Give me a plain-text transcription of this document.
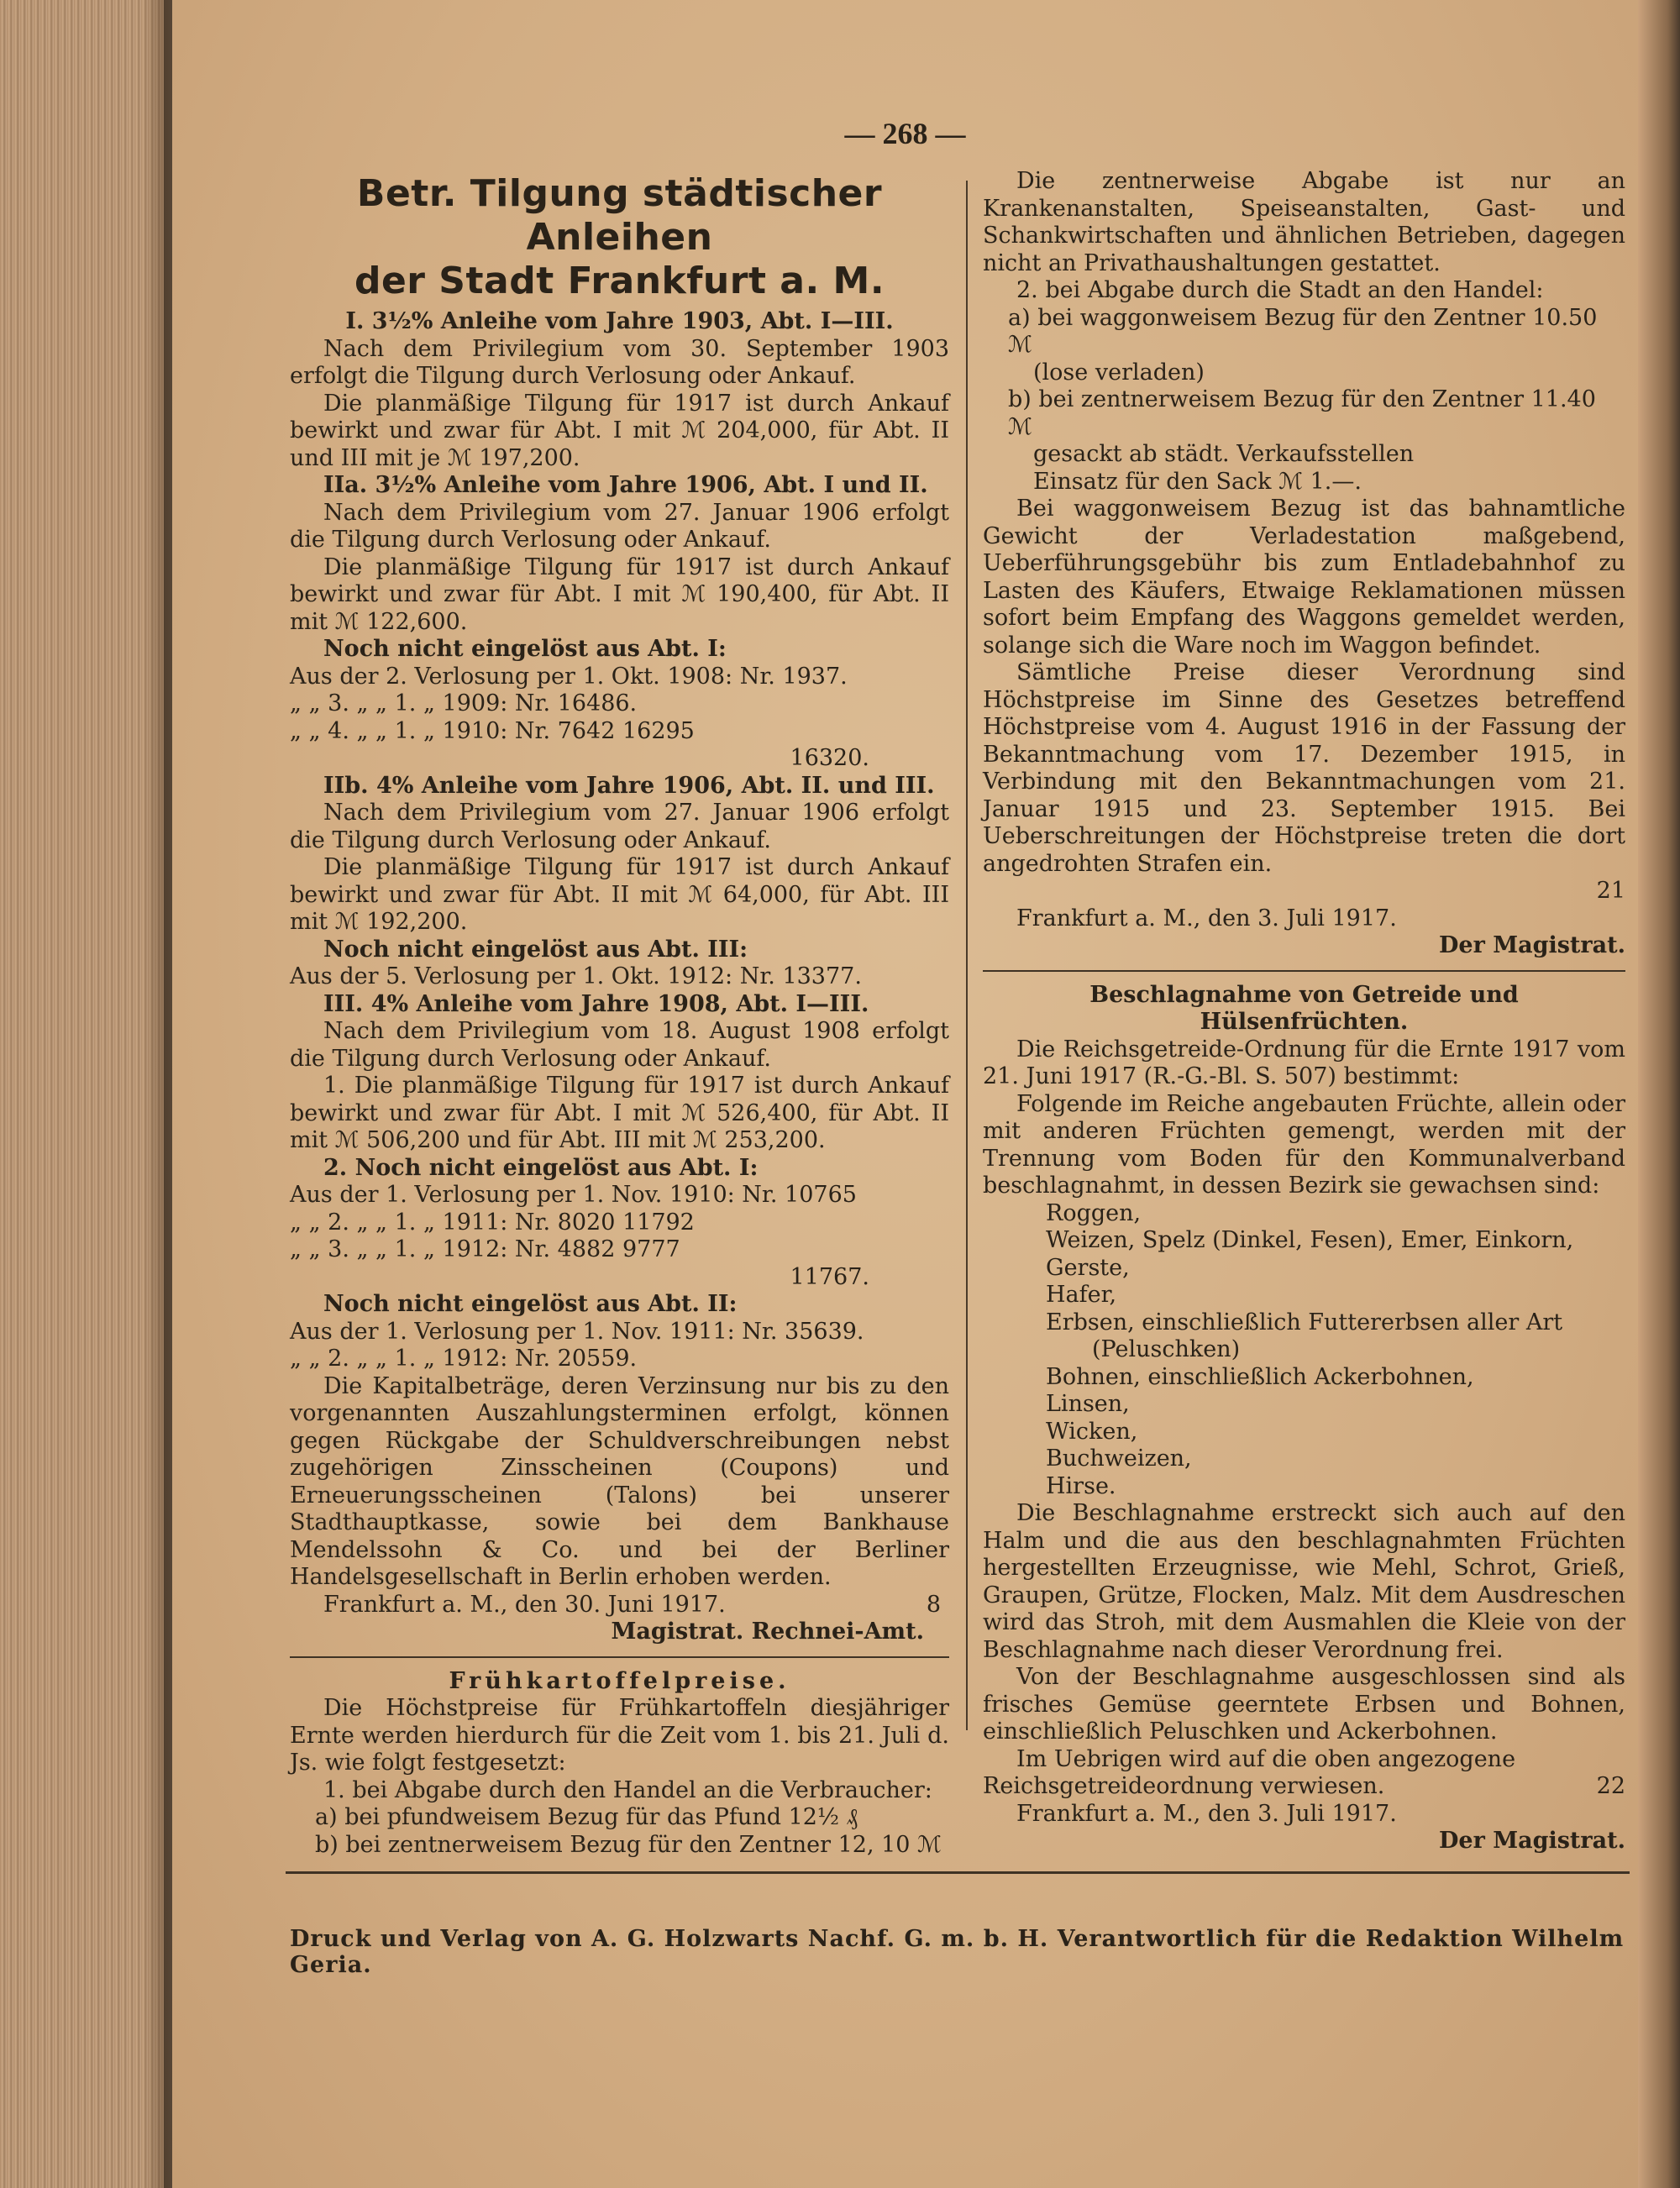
— 268 —
Betr. Tilgung städtischer Anleihen
der Stadt Frankfurt a. M.

I. 3½% Anleihe vom Jahre 1903, Abt. I—III.

Nach dem Privilegium vom 30. September 1903 erfolgt die Tilgung durch Verlosung oder Ankauf.

Die planmäßige Tilgung für 1917 ist durch Ankauf bewirkt und zwar für Abt. I mit ℳ 204,000, für Abt. II und III mit je ℳ 197,200.

IIa. 3½% Anleihe vom Jahre 1906, Abt. I und II.

Nach dem Privilegium vom 27. Januar 1906 erfolgt die Tilgung durch Verlosung oder Ankauf.

Die planmäßige Tilgung für 1917 ist durch Ankauf bewirkt und zwar für Abt. I mit ℳ 190,400, für Abt. II mit ℳ 122,600.

Noch nicht eingelöst aus Abt. I:

Aus der 2. Verlosung per 1. Okt. 1908: Nr. 1937.

„ „ 3. „ „ 1. „ 1909: Nr. 16486.

„ „ 4. „ „ 1. „ 1910: Nr. 7642 16295

16320.

IIb. 4% Anleihe vom Jahre 1906, Abt. II. und III.

Nach dem Privilegium vom 27. Januar 1906 erfolgt die Tilgung durch Verlosung oder Ankauf.

Die planmäßige Tilgung für 1917 ist durch Ankauf bewirkt und zwar für Abt. II mit ℳ 64,000, für Abt. III mit ℳ 192,200.

Noch nicht eingelöst aus Abt. III:

Aus der 5. Verlosung per 1. Okt. 1912: Nr. 13377.

III. 4% Anleihe vom Jahre 1908, Abt. I—III.

Nach dem Privilegium vom 18. August 1908 erfolgt die Tilgung durch Verlosung oder Ankauf.

1. Die planmäßige Tilgung für 1917 ist durch Ankauf bewirkt und zwar für Abt. I mit ℳ 526,400, für Abt. II mit ℳ 506,200 und für Abt. III mit ℳ 253,200.

2. Noch nicht eingelöst aus Abt. I:

Aus der 1. Verlosung per 1. Nov. 1910: Nr. 10765

„ „ 2. „ „ 1. „ 1911: Nr. 8020 11792

„ „ 3. „ „ 1. „ 1912: Nr. 4882 9777

11767.

Noch nicht eingelöst aus Abt. II:

Aus der 1. Verlosung per 1. Nov. 1911: Nr. 35639.

„ „ 2. „ „ 1. „ 1912: Nr. 20559.

Die Kapitalbeträge, deren Verzinsung nur bis zu den vorgenannten Auszahlungsterminen erfolgt, können gegen Rückgabe der Schuldverschreibungen nebst zugehörigen Zinsscheinen (Coupons) und Erneuerungsscheinen (Talons) bei unserer Stadthauptkasse, sowie bei dem Bankhause Mendelssohn & Co. und bei der Berliner Handelsgesellschaft in Berlin erhoben werden.

Frankfurt a. M., den 30. Juni 1917.	8

Magistrat. Rechnei-Amt.

Frühkartoffelpreise.

Die Höchstpreise für Frühkartoffeln diesjähriger Ernte werden hierdurch für die Zeit vom 1. bis 21. Juli d. Js. wie folgt festgesetzt:

1. bei Abgabe durch den Handel an die Verbraucher:

a) bei pfundweisem Bezug für das Pfund 12½ ₰

b) bei zentnerweisem Bezug für den Zentner 12, 10 ℳ

Die zentnerweise Abgabe ist nur an Krankenanstalten, Speiseanstalten, Gast- und Schankwirtschaften und ähnlichen Betrieben, dagegen nicht an Privathaushaltungen gestattet.

2. bei Abgabe durch die Stadt an den Handel:

a) bei waggonweisem Bezug für den Zentner 10.50 ℳ

(lose verladen)

b) bei zentnerweisem Bezug für den Zentner 11.40 ℳ

gesackt ab städt. Verkaufsstellen

Einsatz für den Sack ℳ 1.—.

Bei waggonweisem Bezug ist das bahnamtliche Gewicht der Verladestation maßgebend, Ueberführungsgebühr bis zum Entladebahnhof zu Lasten des Käufers, Etwaige Reklamationen müssen sofort beim Empfang des Waggons gemeldet werden, solange sich die Ware noch im Waggon befindet.

Sämtliche Preise dieser Verordnung sind Höchstpreise im Sinne des Gesetzes betreffend Höchstpreise vom 4. August 1916 in der Fassung der Bekanntmachung vom 17. Dezember 1915, in Verbindung mit den Bekanntmachungen vom 21. Januar 1915 und 23. September 1915. Bei Ueberschreitungen der Höchstpreise treten die dort angedrohten Strafen ein.

21

Frankfurt a. M., den 3. Juli 1917.

Der Magistrat.

Beschlagnahme von Getreide und Hülsenfrüchten.

Die Reichsgetreide-Ordnung für die Ernte 1917 vom 21. Juni 1917 (R.-G.-Bl. S. 507) bestimmt:

Folgende im Reiche angebauten Früchte, allein oder mit anderen Früchten gemengt, werden mit der Trennung vom Boden für den Kommunalverband beschlagnahmt, in dessen Bezirk sie gewachsen sind:

Roggen,

Weizen, Spelz (Dinkel, Fesen), Emer, Einkorn,

Gerste,

Hafer,

Erbsen, einschließlich Futtererbsen aller Art

(Peluschken)

Bohnen, einschließlich Ackerbohnen,

Linsen,

Wicken,

Buchweizen,

Hirse.

Die Beschlagnahme erstreckt sich auch auf den Halm und die aus den beschlagnahmten Früchten hergestellten Erzeugnisse, wie Mehl, Schrot, Grieß, Graupen, Grütze, Flocken, Malz. Mit dem Ausdreschen wird das Stroh, mit dem Ausmahlen die Kleie von der Beschlagnahme nach dieser Verordnung frei.

Von der Beschlagnahme ausgeschlossen sind als frisches Gemüse geerntete Erbsen und Bohnen, einschließlich Peluschken und Ackerbohnen.

Im Uebrigen wird auf die oben angezogene Reichsgetreideordnung verwiesen.	22

Frankfurt a. M., den 3. Juli 1917.

Der Magistrat.

Druck und Verlag von A. G. Holzwarts Nachf. G. m. b. H. Verantwortlich für die Redaktion Wilhelm Geria.
